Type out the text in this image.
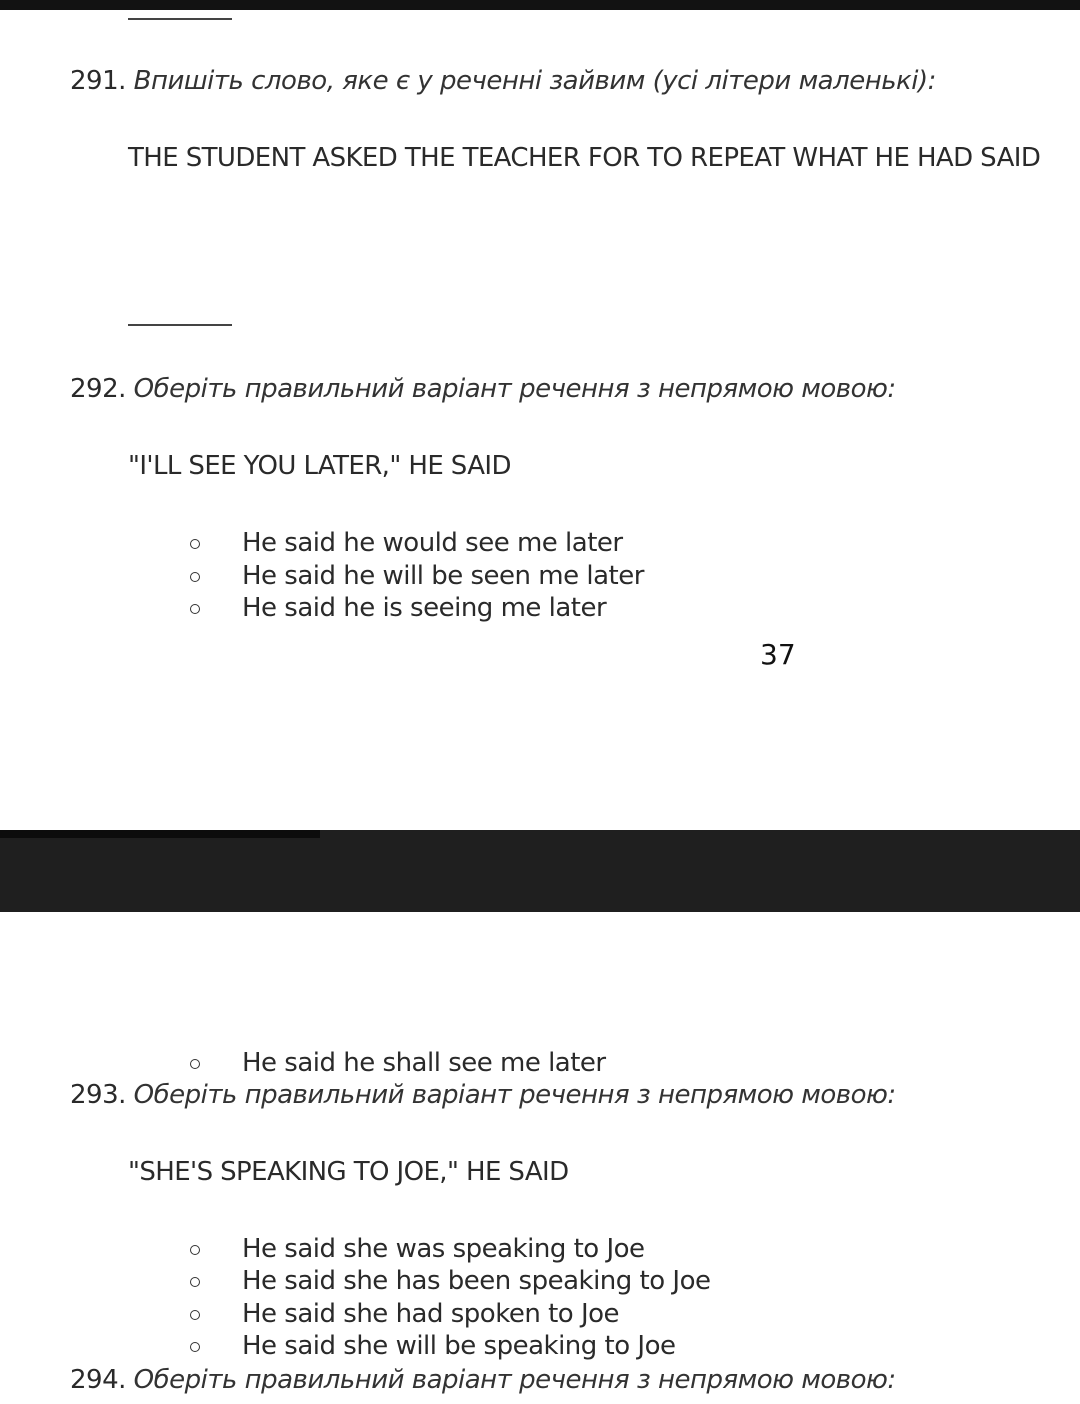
291. Впишіть слово, яке є у реченні зайвим (усі літери маленькі):
THE STUDENT ASKED THE TEACHER FOR TO REPEAT WHAT HE HAD SAID
292. Оберіть правильний варіант речення з непрямою мовою:
"I'LL SEE YOU LATER," HE SAID
He said he would see me later
He said he will be seen me later
He said he is seeing me later
37
He said he shall see me later
293. Оберіть правильний варіант речення з непрямою мовою:
"SHE'S SPEAKING TO JOE," HE SAID
He said she was speaking to Joe
He said she has been speaking to Joe
He said she had spoken to Joe
He said she will be speaking to Joe
294. Оберіть правильний варіант речення з непрямою мовою:
